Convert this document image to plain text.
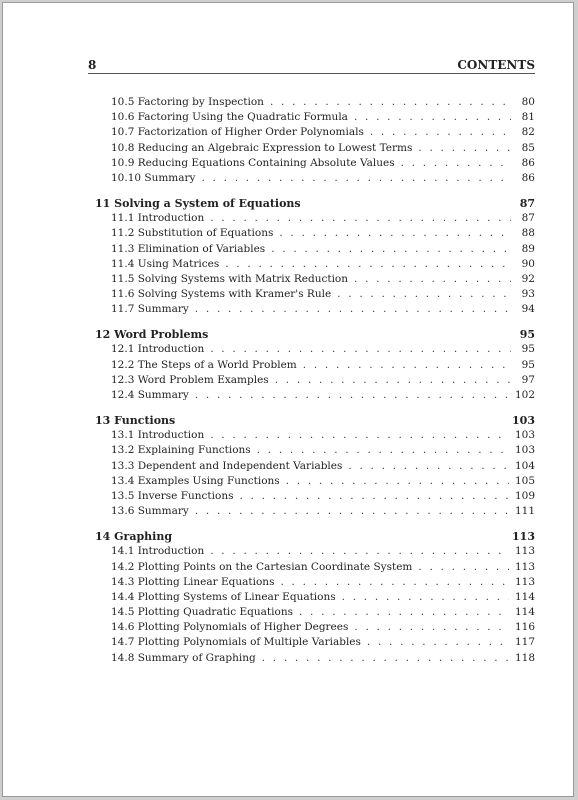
8	CONTENTS
10.5 Factoring by Inspection . . .	80
10.6 Factoring Using the Quadratic Formula . . .	81
10.7 Factorization of Higher Order Polynomials . . .	82
10.8 Reducing an Algebraic Expression to Lowest Terms . . .	85
10.9 Reducing Equations Containing Absolute Values . . .	86
10.10 Summary . . .	86
11 Solving a System of Equations	87
11.1 Introduction . . .	87
11.2 Substitution of Equations . . .	88
11.3 Elimination of Variables . . .	89
11.4 Using Matrices . . .	90
11.5 Solving Systems with Matrix Reduction . . .	92
11.6 Solving Systems with Kramer's Rule . . .	93
11.7 Summary . . .	94
12 Word Problems	95
12.1 Introduction . . .	95
12.2 The Steps of a World Problem . . .	95
12.3 Word Problem Examples . . .	97
12.4 Summary . . .	102
13 Functions	103
13.1 Introduction . . .	103
13.2 Explaining Functions . . .	103
13.3 Dependent and Independent Variables . . .	104
13.4 Examples Using Functions . . .	105
13.5 Inverse Functions . . .	109
13.6 Summary . . .	111
14 Graphing	113
14.1 Introduction . . .	113
14.2 Plotting Points on the Cartesian Coordinate System . . .	113
14.3 Plotting Linear Equations . . .	113
14.4 Plotting Systems of Linear Equations . . .	114
14.5 Plotting Quadratic Equations . . .	114
14.6 Plotting Polynomials of Higher Degrees . . .	116
14.7 Plotting Polynomials of Multiple Variables . . .	117
14.8 Summary of Graphing . . .	118
